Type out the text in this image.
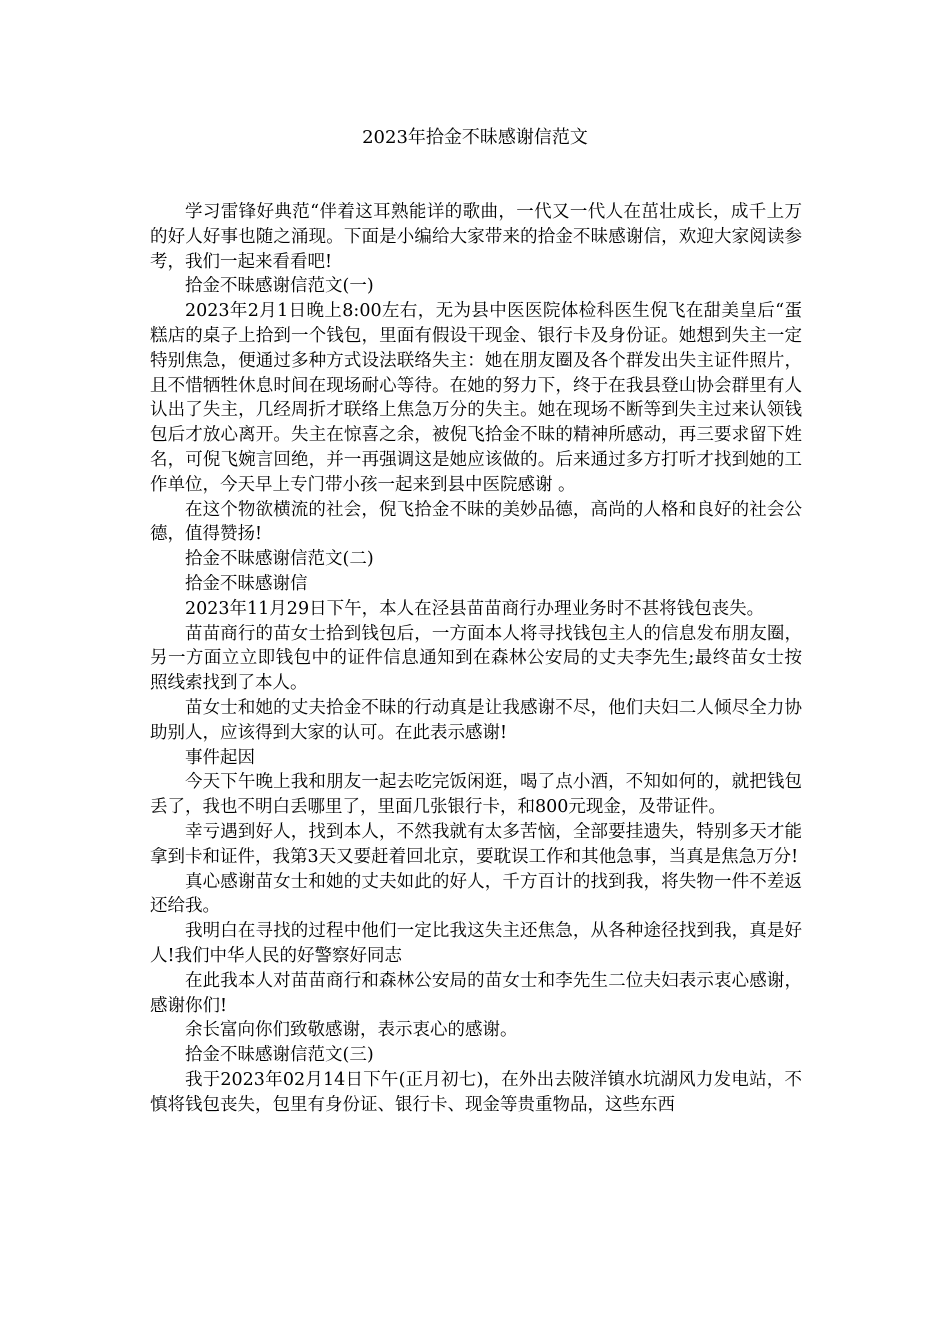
2023年拾金不昧感谢信范文

学习雷锋好典范“伴着这耳熟能详的歌曲，一代又一代人在茁壮成长，成千上万的好人好事也随之涌现。下面是小编给大家带来的拾金不昧感谢信，欢迎大家阅读参考，我们一起来看看吧!

拾金不昧感谢信范文(一)

2023年2月1日晚上8:00左右，无为县中医医院体检科医生倪飞在甜美皇后“蛋糕店的桌子上拾到一个钱包，里面有假设干现金、银行卡及身份证。她想到失主一定特别焦急，便通过多种方式设法联络失主：她在朋友圈及各个群发出失主证件照片，且不惜牺牲休息时间在现场耐心等待。在她的努力下，终于在我县登山协会群里有人认出了失主，几经周折才联络上焦急万分的失主。她在现场不断等到失主过来认领钱包后才放心离开。失主在惊喜之余，被倪飞拾金不昧的精神所感动，再三要求留下姓名，可倪飞婉言回绝，并一再强调这是她应该做的。后来通过多方打听才找到她的工作单位，今天早上专门带小孩一起来到县中医院感谢 。

在这个物欲横流的社会，倪飞拾金不昧的美妙品德，高尚的人格和良好的社会公德，值得赞扬!

拾金不昧感谢信范文(二)

拾金不昧感谢信

2023年11月29日下午，本人在泾县苗苗商行办理业务时不甚将钱包丧失。

苗苗商行的苗女士拾到钱包后，一方面本人将寻找钱包主人的信息发布朋友圈，另一方面立立即钱包中的证件信息通知到在森林公安局的丈夫李先生;最终苗女士按照线索找到了本人。

苗女士和她的丈夫拾金不昧的行动真是让我感谢不尽，他们夫妇二人倾尽全力协助别人，应该得到大家的认可。在此表示感谢!

事件起因

今天下午晚上我和朋友一起去吃完饭闲逛，喝了点小酒，不知如何的，就把钱包丢了，我也不明白丢哪里了，里面几张银行卡，和800元现金，及带证件。

幸亏遇到好人，找到本人，不然我就有太多苦恼，全部要挂遗失，特别多天才能拿到卡和证件，我第3天又要赶着回北京，要耽误工作和其他急事，当真是焦急万分!

真心感谢苗女士和她的丈夫如此的好人，千方百计的找到我，将失物一件不差返还给我。

我明白在寻找的过程中他们一定比我这失主还焦急，从各种途径找到我，真是好人!我们中华人民的好警察好同志

在此我本人对苗苗商行和森林公安局的苗女士和李先生二位夫妇表示衷心感谢，感谢你们!

余长富向你们致敬感谢，表示衷心的感谢。

拾金不昧感谢信范文(三)

我于2023年02月14日下午(正月初七)，在外出去陂洋镇水坑湖风力发电站，不慎将钱包丧失，包里有身份证、银行卡、现金等贵重物品，这些东西
